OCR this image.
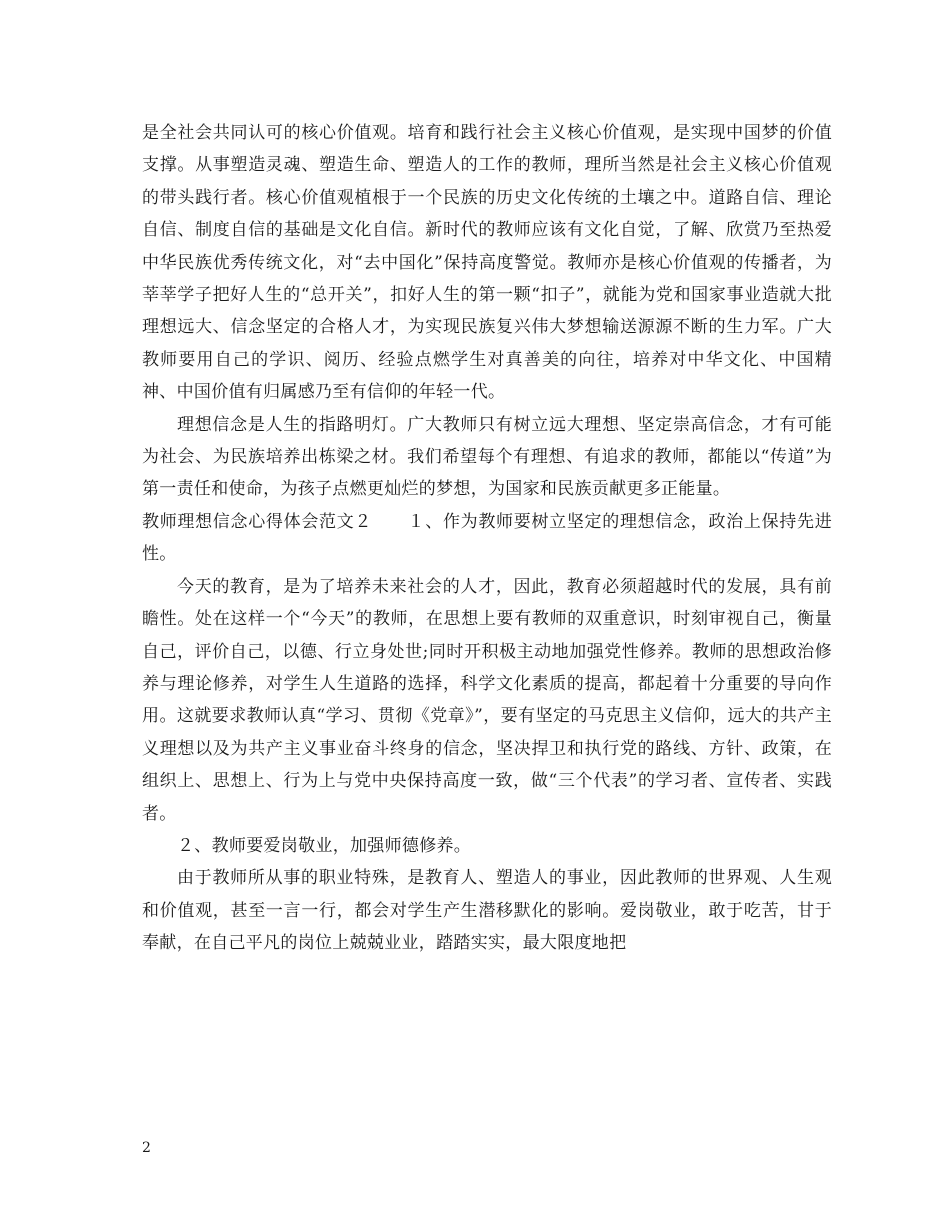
是全社会共同认可的核心价值观。培育和践行社会主义核心价值观，是实现中国梦的价值支撑。从事塑造灵魂、塑造生命、塑造人的工作的教师，理所当然是社会主义核心价值观的带头践行者。核心价值观植根于一个民族的历史文化传统的土壤之中。道路自信、理论自信、制度自信的基础是文化自信。新时代的教师应该有文化自觉，了解、欣赏乃至热爱中华民族优秀传统文化，对“去中国化”保持高度警觉。教师亦是核心价值观的传播者，为莘莘学子把好人生的“总开关”，扣好人生的第一颗“扣子”，就能为党和国家事业造就大批理想远大、信念坚定的合格人才，为实现民族复兴伟大梦想输送源源不断的生力军。广大教师要用自己的学识、阅历、经验点燃学生对真善美的向往，培养对中华文化、中国精神、中国价值有归属感乃至有信仰的年轻一代。

理想信念是人生的指路明灯。广大教师只有树立远大理想、坚定崇高信念，才有可能为社会、为民族培养出栋梁之材。我们希望每个有理想、有追求的教师，都能以“传道”为第一责任和使命，为孩子点燃更灿烂的梦想，为国家和民族贡献更多正能量。

教师理想信念心得体会范文２　　１、作为教师要树立坚定的理想信念，政治上保持先进性。

今天的教育，是为了培养未来社会的人才，因此，教育必须超越时代的发展，具有前瞻性。处在这样一个“今天”的教师，在思想上要有教师的双重意识，时刻审视自己，衡量自己，评价自己，以德、行立身处世;同时开积极主动地加强党性修养。教师的思想政治修养与理论修养，对学生人生道路的选择，科学文化素质的提高，都起着十分重要的导向作用。这就要求教师认真“学习、贯彻《党章》”，要有坚定的马克思主义信仰，远大的共产主义理想以及为共产主义事业奋斗终身的信念，坚决捍卫和执行党的路线、方针、政策，在组织上、思想上、行为上与党中央保持高度一致，做“三个代表”的学习者、宣传者、实践者。

２、教师要爱岗敬业，加强师德修养。

由于教师所从事的职业特殊，是教育人、塑造人的事业，因此教师的世界观、人生观和价值观，甚至一言一行，都会对学生产生潜移默化的影响。爱岗敬业，敢于吃苦，甘于奉献，在自己平凡的岗位上兢兢业业，踏踏实实，最大限度地把

2
